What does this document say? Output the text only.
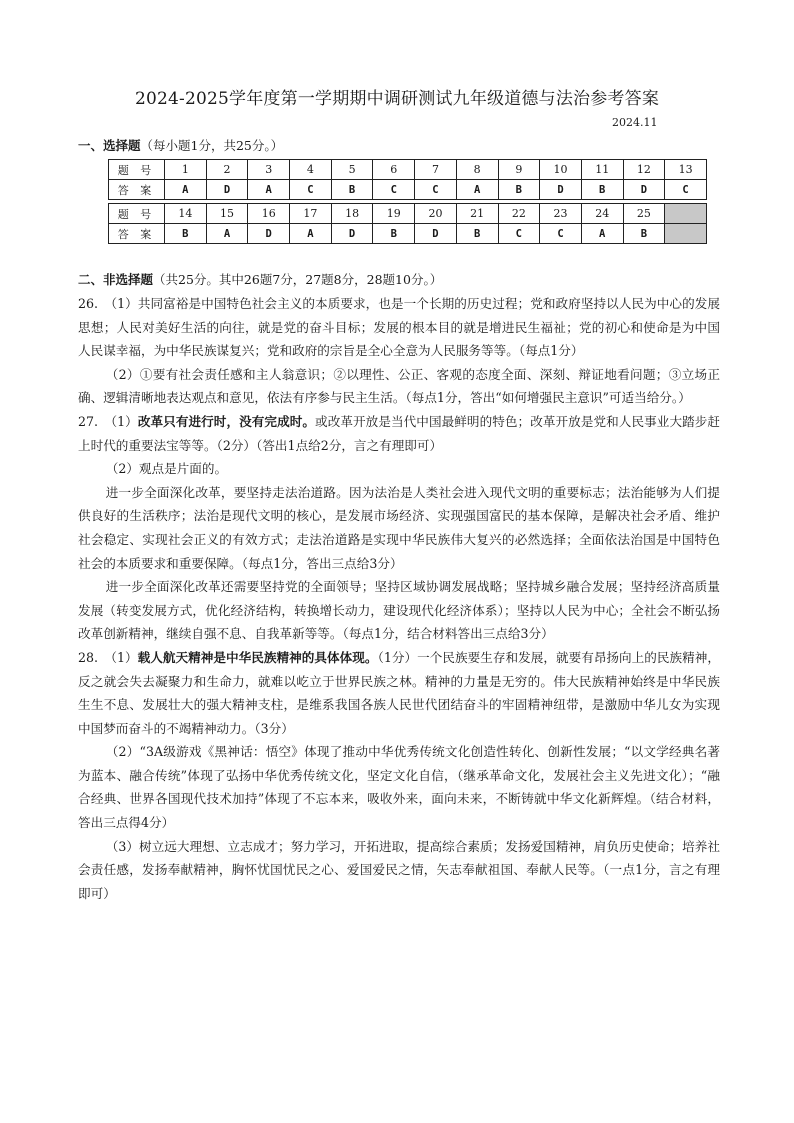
2024-2025学年度第一学期期中调研测试九年级道德与法治参考答案
2024.11
一、选择题（每小题1分，共25分。）
题 号	1	2	3	4	5	6	7	8	9	10	11	12	13
答 案	A	D	A	C	B	C	C	A	B	D	B	D	C

题 号	14	15	16	17	18	19	20	21	22	23	24	25	
答 案	B	A	D	A	D	B	D	B	C	C	A	B	
二、非选择题（共25分。其中26题7分，27题8分，28题10分。）

26.　（1）共同富裕是中国特色社会主义的本质要求，也是一个长期的历史过程；党和政府坚持以人民为中心的发展思想；人民对美好生活的向往，就是党的奋斗目标；发展的根本目的就是增进民生福祉；党的初心和使命是为中国人民谋幸福，为中华民族谋复兴；党和政府的宗旨是全心全意为人民服务等等。（每点1分）

（2）①要有社会责任感和主人翁意识；②以理性、公正、客观的态度全面、深刻、辩证地看问题；③立场正确、逻辑清晰地表达观点和意见，依法有序参与民主生活。（每点1分，答出“如何增强民主意识”可适当给分。）

27.　（1）改革只有进行时，没有完成时。或改革开放是当代中国最鲜明的特色；改革开放是党和人民事业大踏步赶上时代的重要法宝等等。（2分）（答出1点给2分，言之有理即可）

（2）观点是片面的。

进一步全面深化改革，要坚持走法治道路。因为法治是人类社会进入现代文明的重要标志；法治能够为人们提供良好的生活秩序；法治是现代文明的核心，是发展市场经济、实现强国富民的基本保障，是解决社会矛盾、维护社会稳定、实现社会正义的有效方式；走法治道路是实现中华民族伟大复兴的必然选择；全面依法治国是中国特色社会的本质要求和重要保障。（每点1分，答出三点给3分）

进一步全面深化改革还需要坚持党的全面领导；坚持区域协调发展战略；坚持城乡融合发展；坚持经济高质量发展（转变发展方式，优化经济结构，转换增长动力，建设现代化经济体系）；坚持以人民为中心；全社会不断弘扬改革创新精神，继续自强不息、自我革新等等。（每点1分，结合材料答出三点给3分）

28.　（1）载人航天精神是中华民族精神的具体体现。（1分）一个民族要生存和发展，就要有昂扬向上的民族精神，反之就会失去凝聚力和生命力，就难以屹立于世界民族之林。精神的力量是无穷的。伟大民族精神始终是中华民族生生不息、发展壮大的强大精神支柱，是维系我国各族人民世代团结奋斗的牢固精神纽带，是激励中华儿女为实现中国梦而奋斗的不竭精神动力。（3分）

（2）“3A级游戏《黑神话：悟空》体现了推动中华优秀传统文化创造性转化、创新性发展；“以文学经典名著为蓝本、融合传统”体现了弘扬中华优秀传统文化，坚定文化自信，（继承革命文化，发展社会主义先进文化）；“融合经典、世界各国现代技术加持”体现了不忘本来，吸收外来，面向未来，不断铸就中华文化新辉煌。（结合材料，答出三点得4分）

（3）树立远大理想、立志成才；努力学习，开拓进取，提高综合素质；发扬爱国精神，肩负历史使命；培养社会责任感，发扬奉献精神，胸怀忧国忧民之心、爱国爱民之情，矢志奉献祖国、奉献人民等。（一点1分，言之有理即可）
